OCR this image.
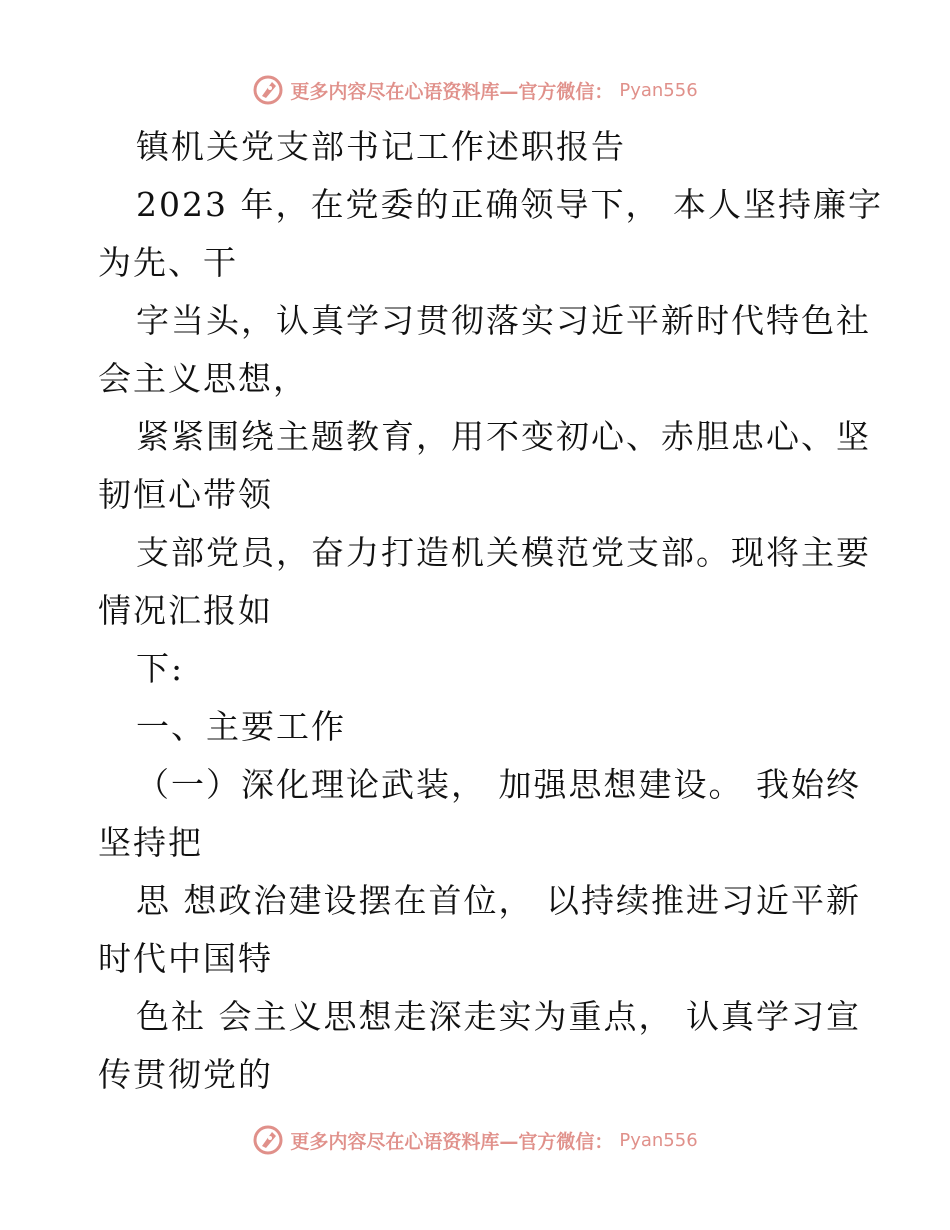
更多内容尽在心语资料库—官方微信： Pyan556
镇机关党支部书记工作述职报告
2023 年，在党委的正确领导下， 本人坚持廉字
为先、干
字当头，认真学习贯彻落实习近平新时代特色社
会主义思想，
紧紧围绕主题教育，用不变初心、赤胆忠心、坚
韧恒心带领
支部党员，奋力打造机关模范党支部。现将主要
情况汇报如
下:
一、主要工作
（一）深化理论武装， 加强思想建设。 我始终
坚持把
思 想政治建设摆在首位， 以持续推进习近平新
时代中国特
色社 会主义思想走深走实为重点， 认真学习宣
传贯彻党的
更多内容尽在心语资料库—官方微信： Pyan556
